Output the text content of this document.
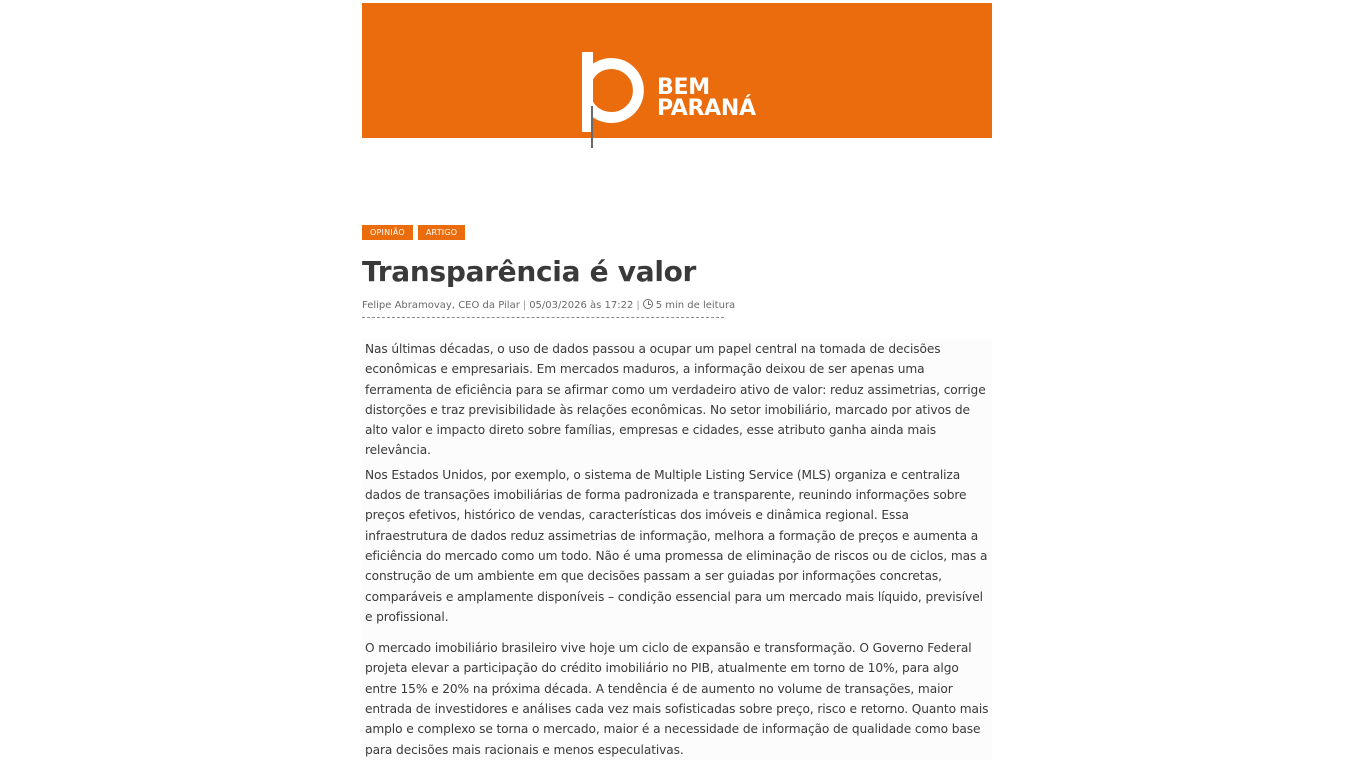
BEM
PARANÁ
OPINIÃO	ARTIGO
Transparência é valor
Felipe Abramovay, CEO da Pilar | 05/03/2026 às 17:22 | 5 min de leitura

Nas últimas décadas, o uso de dados passou a ocupar um papel central na tomada de decisões econômicas e empresariais. Em mercados maduros, a informação deixou de ser apenas uma ferramenta de eficiência para se afirmar como um verdadeiro ativo de valor: reduz assimetrias, corrige distorções e traz previsibilidade às relações econômicas. No setor imobiliário, marcado por ativos de alto valor e impacto direto sobre famílias, empresas e cidades, esse atributo ganha ainda mais relevância.

Nos Estados Unidos, por exemplo, o sistema de Multiple Listing Service (MLS) organiza e centraliza dados de transações imobiliárias de forma padronizada e transparente, reunindo informações sobre preços efetivos, histórico de vendas, características dos imóveis e dinâmica regional. Essa infraestrutura de dados reduz assimetrias de informação, melhora a formação de preços e aumenta a eficiência do mercado como um todo. Não é uma promessa de eliminação de riscos ou de ciclos, mas a construção de um ambiente em que decisões passam a ser guiadas por informações concretas, comparáveis e amplamente disponíveis – condição essencial para um mercado mais líquido, previsível e profissional.

O mercado imobiliário brasileiro vive hoje um ciclo de expansão e transformação. O Governo Federal projeta elevar a participação do crédito imobiliário no PIB, atualmente em torno de 10%, para algo entre 15% e 20% na próxima década. A tendência é de aumento no volume de transações, maior entrada de investidores e análises cada vez mais sofisticadas sobre preço, risco e retorno. Quanto mais amplo e complexo se torna o mercado, maior é a necessidade de informação de qualidade como base para decisões mais racionais e menos especulativas.
